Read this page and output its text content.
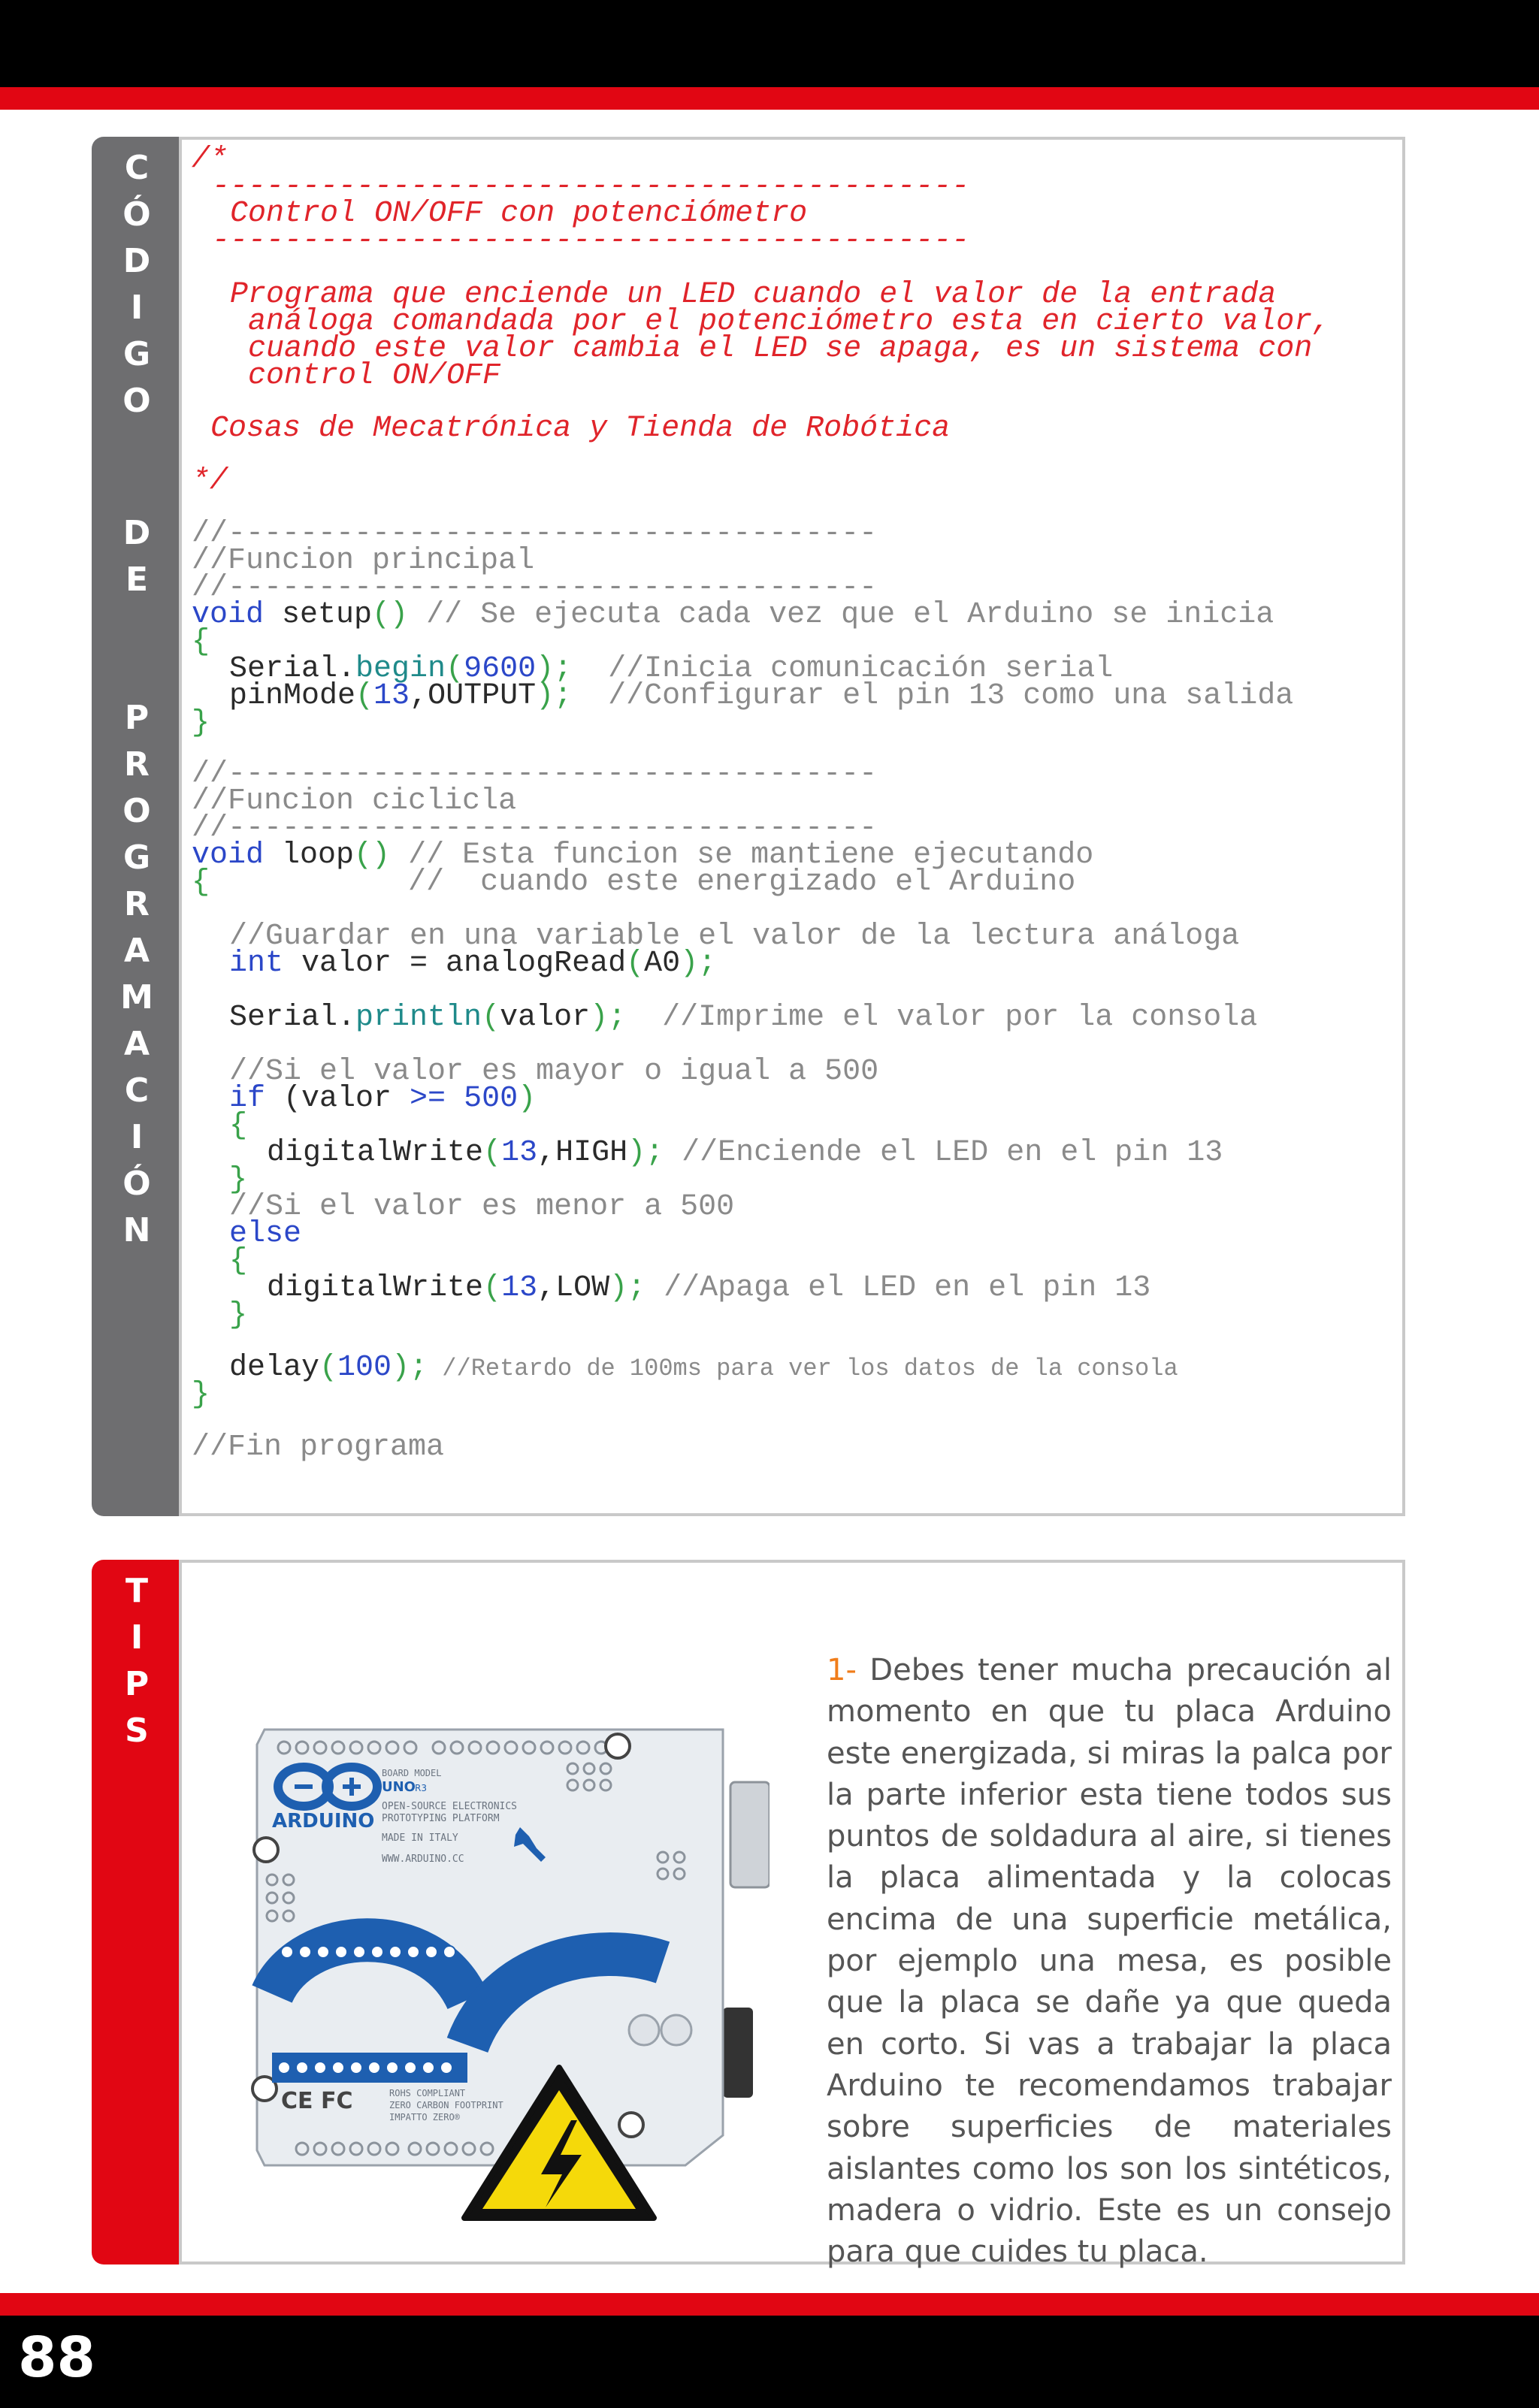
C
Ó
D
I
G
O
D
E
P
R
O
G
R
A
M
A
C
I
Ó
N
/*
------------------------------------------
Control ON/OFF con potenciómetro
------------------------------------------
Programa que enciende un LED cuando el valor de la entrada
análoga comandada por el potenciómetro esta en cierto valor,
cuando este valor cambia el LED se apaga, es un sistema con
control ON/OFF
Cosas de Mecatrónica y Tienda de Robótica
*/
//------------------------------------
//Funcion principal
//------------------------------------
void setup() // Se ejecuta cada vez que el Arduino se inicia
{
Serial.begin(9600);  //Inicia comunicación serial
pinMode(13,OUTPUT);  //Configurar el pin 13 como una salida
}
//------------------------------------
//Funcion ciclicla
//------------------------------------
void loop() // Esta funcion se mantiene ejecutando
{           //  cuando este energizado el Arduino
//Guardar en una variable el valor de la lectura análoga
int valor = analogRead(A0);
Serial.println(valor);  //Imprime el valor por la consola
//Si el valor es mayor o igual a 500
if (valor >= 500)
{
digitalWrite(13,HIGH); //Enciende el LED en el pin 13
}
//Si el valor es menor a 500
else
{
digitalWrite(13,LOW); //Apaga el LED en el pin 13
}
delay(100); //Retardo de 100ms para ver los datos de la consola
}
//Fin programa
T
I
P
S
ARDUINO
BOARD MODEL
UNO R3
OPEN-SOURCE ELECTRONICS
PROTOTYPING PLATFORM
MADE IN ITALY
WWW.ARDUINO.CC
CE FC	ROHS COMPLIANT
ZERO CARBON FOOTPRINT
IMPATTO ZERO®
1- Debes tener mucha precaución al momento en que tu placa Arduino este energizada, si miras la palca por la parte inferior esta tiene todos sus puntos de soldadura al aire, si tienes la placa alimentada y la colocas encima de una superficie metálica, por ejemplo una mesa, es posible que la placa se dañe ya que queda en corto. Si vas a trabajar la placa Arduino te recomendamos trabajar sobre superficies de materiales aislantes como los son los sintéticos, madera o vidrio. Este es un consejo para que cuides tu placa.
88
